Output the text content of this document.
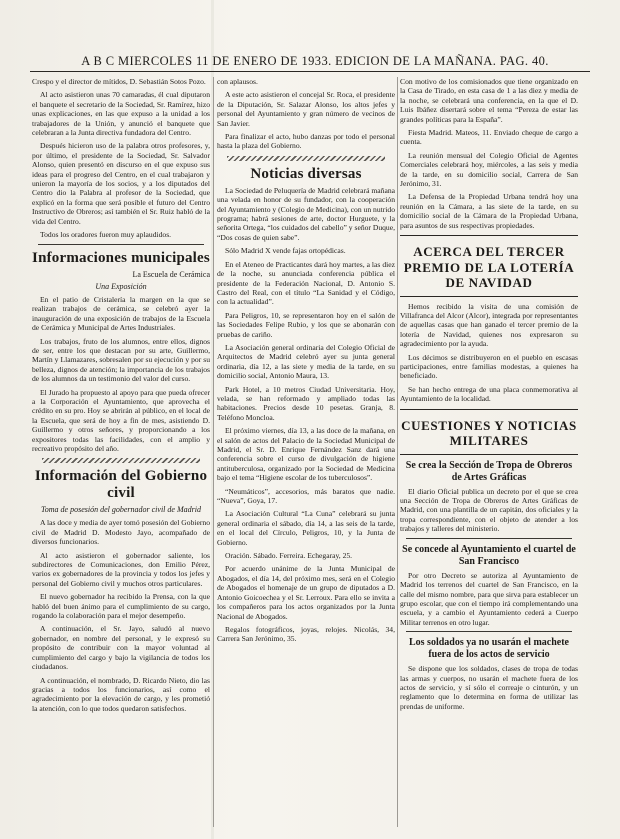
A B C MIERCOLES 11 DE ENERO DE 1933. EDICION DE LA MAÑANA. PAG. 40.

Crespo y el director de mítidos, D. Sebastián Sotos Pozo.

Al acto asistieron unas 70 camaradas, él cual diputaron el banquete el secretario de la Sociedad, Sr. Ramírez, hizo unas explicaciones, en las que expuso a la unidad a los trabajadores de la Unión, y anunció el banquete que celebraran a la Junta directiva fundadora del Centro.

Después hicieron uso de la palabra otros profesores, y, por último, el presidente de la Sociedad, Sr. Salvador Alonso, quien presentó en discurso en el que expuso sus ideas para el progreso del Centro, en el cual trabajaron y unieron la mayoría de los socios, y a los diputados del Centro dio la Palabra al profesor de la Sociedad, que explicó en la forma que será posible el futuro del Centro Instructivo de Obreros; así también el Sr. Ruiz habló de la vida del Centro.

Todos los oradores fueron muy aplaudidos.

Informaciones municipales
La Escuela de Cerámica
Una Exposición

En el patio de Cristalería la margen en la que se realizan trabajos de cerámica, se celebró ayer la inauguración de una exposición de trabajos de la Escuela de Cerámica y Municipal de Artes Industriales.

Los trabajos, fruto de los alumnos, entre ellos, dignos de ser, entre los que destacan por su arte, Guillermo, Martín y Llamazares, sobresalen por su ejecución y por su belleza, dignos de atención; la importancia de los trabajos de los alumnos da un testimonio del valor del curso.

El Jurado ha propuesto al apoyo para que pueda ofrecer a la Corporación el Ayuntamiento, que aprovecha el crédito en su pro. Hoy se abrirán al público, en el local de la Escuela, que será de hoy a fin de mes, asistiendo D. Guillermo y otros señores, y proporcionando a los expositores todas las facilidades, con el amplio y recreativo propósito del año.

Información del Gobierno civil
Toma de posesión del gobernador civil de Madrid

A las doce y media de ayer tomó posesión del Gobierno civil de Madrid D. Modesto Jayo, acompañado de diversos funcionarios.

Al acto asistieron el gobernador saliente, los subdirectores de Comunicaciones, don Emilio Pérez, varios ex gobernadores de la provincia y todos los jefes y personal del Gobierno civil y muchos otros particulares.

El nuevo gobernador ha recibido la Prensa, con la que habló del buen ánimo para el cumplimiento de su cargo, rogando la colaboración para el mejor desempeño.

A continuación, el Sr. Jayo, saludó al nuevo gobernador, en nombre del personal, y le expresó su propósito de contribuir con la mayor voluntad al cumplimiento del cargo y bajo la vigilancia de todos los ciudadanos.

A continuación, el nombrado, D. Ricardo Nieto, dio las gracias a todos los funcionarios, así como el agradecimiento por la elevación de cargo, y les prometió la atención, con lo que todos quedaron satisfechos.

con aplausos.

A este acto asistieron el concejal Sr. Roca, el presidente de la Diputación, Sr. Salazar Alonso, los altos jefes y personal del Ayuntamiento y gran número de vecinos de San Javier.

Para finalizar el acto, hubo danzas por todo el personal hasta la plaza del Gobierno.

Noticias diversas

La Sociedad de Peluquería de Madrid celebrará mañana una velada en honor de su fundador, con la cooperación del Ayuntamiento y (Colegio de Medicina), con un nutrido programa; habrá sesiones de arte, doctor Hurguete, y la señorita Ortega, “los cuidados del cabello” y señor Duque, “Dos cosas de quien sabe”.

Sólo Madrid X vende fajas ortopédicas.

En el Ateneo de Practicantes dará hoy martes, a las diez de la noche, su anunciada conferencia pública el presidente de la Federación Nacional, D. Antonio S. Castro del Real, con el título “La Sanidad y el Código, con la actualidad”.

Para Peligros, 10, se representaron hoy en el salón de las Sociedades Felipe Rubio, y los que se abonarán con pruebas de cariño.

La Asociación general ordinaria del Colegio Oficial de Arquitectos de Madrid celebró ayer su junta general ordinaria, día 12, a las siete y media de la tarde, en su domicilio social, Antonio Maura, 13.

Park Hotel, a 10 metros Ciudad Universitaria. Hoy, velada, se han reformado y ampliado todas las habitaciones. Precios desde 10 pesetas. Granja, 8. Teléfono Moncloa.

El próximo viernes, día 13, a las doce de la mañana, en el salón de actos del Palacio de la Sociedad Municipal de Madrid, el Sr. D. Enrique Fernández Sanz dará una conferencia sobre el curso de divulgación de higiene antituberculosa, organizado por la Sociedad de Medicina bajo el tema “Higiene escolar de los tuberculosos”.

“Neumáticos”, accesorios, más baratos que nadie. “Nueva”, Goya, 17.

La Asociación Cultural “La Cuna” celebrará su junta general ordinaria el sábado, día 14, a las seis de la tarde, en el local del Círculo, Peligros, 10, y la Junta de Gobierno.

Oración. Sábado. Ferreira. Echegaray, 25.

Por acuerdo unánime de la Junta Municipal de Abogados, el día 14, del próximo mes, será en el Colegio de Abogados el homenaje de un grupo de diputados a D. Antonio Goicoechea y el Sr. Lerroux. Para ello se invita a los compañeros para los actos organizados por la Junta Nacional de Abogados.

Regalos fotográficos, joyas, relojes. Nicolás, 34, Carrera San Jerónimo, 35.

Con motivo de los comisionados que tiene organizado en la Casa de Tirado, en esta casa de 1 a las diez y media de la noche, se celebrará una conferencia, en la que el D. Luis Ibáñez disertará sobre el tema “Pereza de estar las grandes políticas para la España”.

Fiesta Madrid. Mateos, 11. Enviado cheque de cargo a cuenta.

La reunión mensual del Colegio Oficial de Agentes Comerciales celebrará hoy, miércoles, a las seis y media de la tarde, en su domicilio social, Carrera de San Jerónimo, 31.

La Defensa de la Propiedad Urbana tendrá hoy una reunión en la Cámara, a las siete de la tarde, en su domicilio social de la Cámara de la Propiedad Urbana, para asuntos de sus respectivas propiedades.

ACERCA DEL TERCER PREMIO DE LA LOTERÍA DE NAVIDAD

Hemos recibido la visita de una comisión de Villafranca del Alcor (Alcor), integrada por representantes de aquellas casas que han ganado el tercer premio de la lotería de Navidad, quienes nos expresaron su agradecimiento por la ayuda.

Los décimos se distribuyeron en el pueblo en escasas participaciones, entre familias modestas, a quienes ha beneficiado.

Se han hecho entrega de una placa conmemorativa al Ayuntamiento de la localidad.

CUESTIONES Y NOTICIAS MILITARES
Se crea la Sección de Tropa de Obreros de Artes Gráficas

El diario Oficial publica un decreto por el que se crea una Sección de Tropa de Obreros de Artes Gráficas de Madrid, con una plantilla de un capitán, dos oficiales y la tropa correspondiente, con el objeto de atender a los trabajos y talleres del ministerio.

Se concede al Ayuntamiento el cuartel de San Francisco

Por otro Decreto se autoriza al Ayuntamiento de Madrid los terrenos del cuartel de San Francisco, en la calle del mismo nombre, para que sirva para establecer un grupo escolar, que con el tiempo irá complementando una escuela, y a cambio el Ayuntamiento cederá a Cuerpo Militar terrenos en otro lugar.

Los soldados ya no usarán el machete fuera de los actos de servicio

Se dispone que los soldados, clases de tropa de todas las armas y cuerpos, no usarán el machete fuera de los actos de servicio, y sí sólo el correaje o cinturón, y un reglamento que lo determina en forma de utilizar las prendas de uniforme.
